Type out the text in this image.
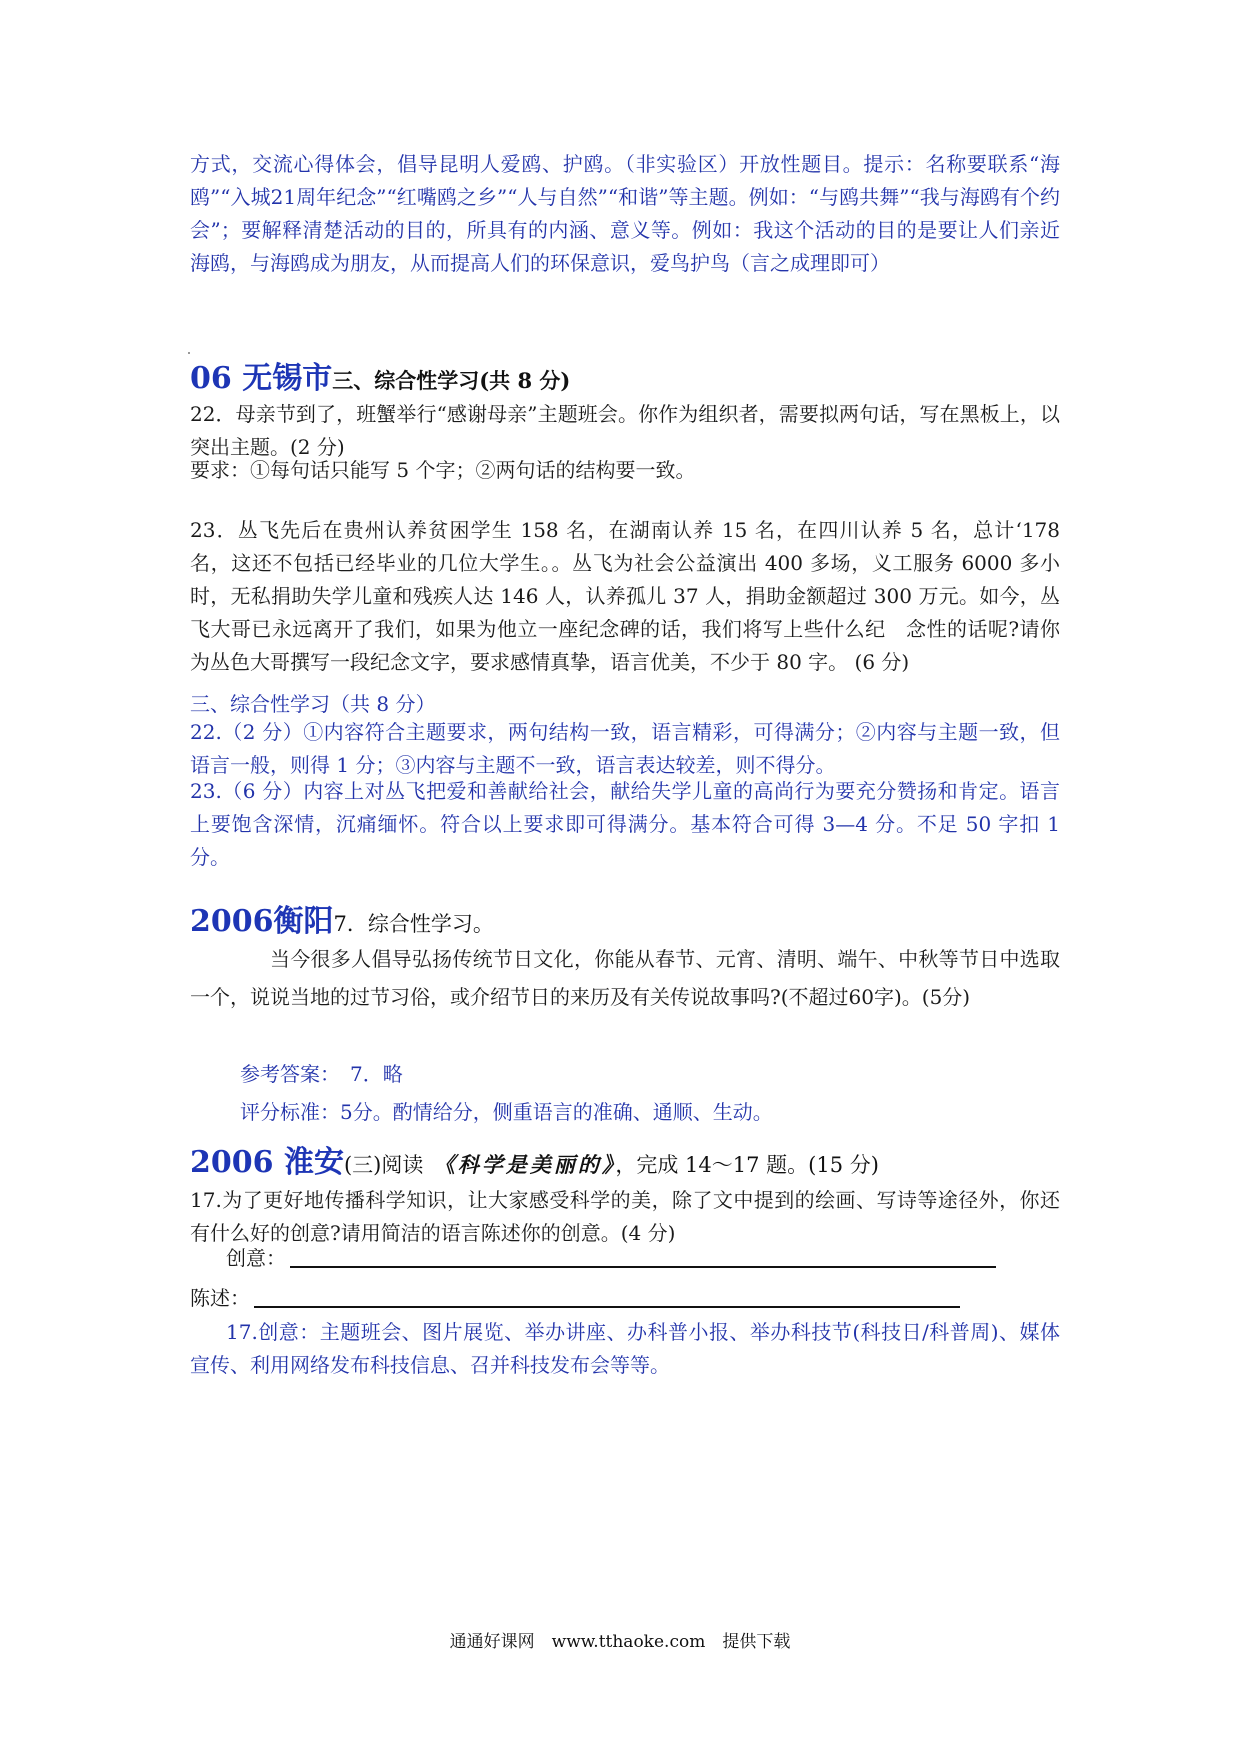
方式，交流心得体会，倡导昆明人爱鸥、护鸥。（非实验区）开放性题目。提示：名称要联系“海鸥”“入城21周年纪念”“红嘴鸥之乡”“人与自然”“和谐”等主题。例如：“与鸥共舞”“我与海鸥有个约会”；要解释清楚活动的目的，所具有的内涵、意义等。例如：我这个活动的目的是要让人们亲近海鸥，与海鸥成为朋友，从而提高人们的环保意识，爱鸟护鸟（言之成理即可）
06 无锡市三、综合性学习(共 8 分)
22．母亲节到了，班蟹举行“感谢母亲”主题班会。你作为组织者，需要拟两句话，写在黑板上，以突出主题。(2 分)
要求：①每句话只能写 5 个字；②两句话的结构要一致。
23．丛飞先后在贵州认养贫困学生 158 名，在湖南认养 15 名，在四川认养 5 名，总计‘178 名，这还不包括已经毕业的几位大学生。。丛飞为社会公益演出 400 多场，义工服务 6000 多小时，无私捐助失学儿童和残疾人达 146 人，认养孤儿 37 人，捐助金额超过 300 万元。如今，丛飞大哥已永远离开了我们，如果为他立一座纪念碑的话，我们将写上些什么纪　念性的话呢?请你为丛色大哥撰写一段纪念文字，要求感情真挚，语言优美，不少于 80 字。 (6 分)
三、综合性学习（共 8 分）
22.（2 分）①内容符合主题要求，两句结构一致，语言精彩，可得满分；②内容与主题一致，但语言一般，则得 1 分；③内容与主题不一致，语言表达较差，则不得分。
23.（6 分）内容上对丛飞把爱和善献给社会，献给失学儿童的高尚行为要充分赞扬和肯定。语言上要饱含深情，沉痛缅怀。符合以上要求即可得满分。基本符合可得 3—4 分。不足 50 字扣 1 分。
2006衡阳7．综合性学习。
当今很多人倡导弘扬传统节日文化，你能从春节、元宵、清明、端午、中秋等节日中选取一个，说说当地的过节习俗，或介绍节日的来历及有关传说故事吗?(不超过60字)。(5分)
参考答案：　7．略
评分标准：5分。酌情给分，侧重语言的准确、通顺、生动。
2006 淮安(三)阅读　《科学是美丽的》，完成 14～17 题。(15 分)
17.为了更好地传播科学知识，让大家感受科学的美，除了文中提到的绘画、写诗等途径外，你还有什么好的创意?请用简洁的语言陈述你的创意。(4 分)
创意：
陈述：
17.创意：主题班会、图片展览、举办讲座、办科普小报、举办科技节(科技日/科普周)、媒体宣传、利用网络发布科技信息、召并科技发布会等等。
通通好课网　www.tthaoke.com　提供下载
